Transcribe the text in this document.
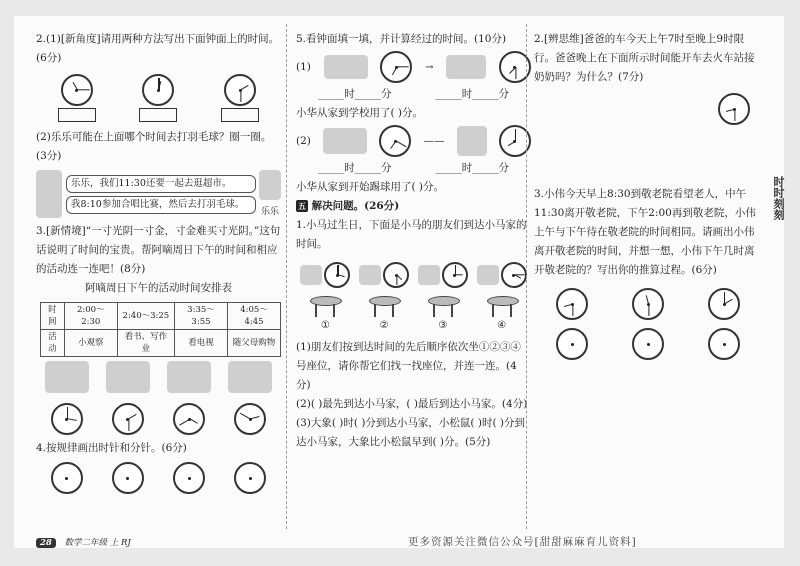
2.(1)[新角度]请用两种方法写出下面钟面上的时间。(6分)

(2)乐乐可能在上面哪个时间去打羽毛球？圈一圈。(3分)

乐乐，我们11:30还要一起去逛超市。
我8:10参加合唱比赛，然后去打羽毛球。
乐乐

3.[新情境]“一寸光阴一寸金，寸金难买寸光阴。”这句话说明了时间的宝贵。帮阿嘀周日下午的时间和相应的活动连一连吧！(8分)

阿嘀周日下午的活动时间安排表

时间	2:00～2:30	2:40～3:25	3:35～3:55	4:05～4:45
活动	小观察	看书、写作业	看电视	随父母购物

4.按规律画出时针和分针。(6分)

5.看钟面填一填，并计算经过的时间。(10分)

(1)	→
_____时_____分	_____时_____分

小华从家到学校用了( )分。

(2)	——
_____时_____分	_____时_____分

小华从家到开始踢球用了( )分。

五 解决问题。(26分)

1.小马过生日，下面是小马的朋友们到达小马家的时间。

①	②	③	④

(1)朋友们按到达时间的先后顺序依次坐①②③④号座位，请你帮它们找一找座位，并连一连。(4分)

(2)( )最先到达小马家，( )最后到达小马家。(4分)

(3)大象( )时( )分到达小马家，小松鼠( )时( )分到达小马家，大象比小松鼠早到( )分。(5分)

2.[辨思维]爸爸的车今天上午7时至晚上9时限行。爸爸晚上在下面所示时间能开车去火车站接奶奶吗？为什么？(7分)

3.小伟今天早上8:30到敬老院看望老人，中午11:30离开敬老院，下午2:00再到敬老院，小伟上午与下午待在敬老院的时间相同。请画出小伟离开敬老院的时间，并想一想，小伟下午几时离开敬老院的？写出你的推算过程。(6分)

时时刻刻
28 数学二年级 上 RJ	更多资源关注微信公众号[甜甜麻麻育儿资料]
